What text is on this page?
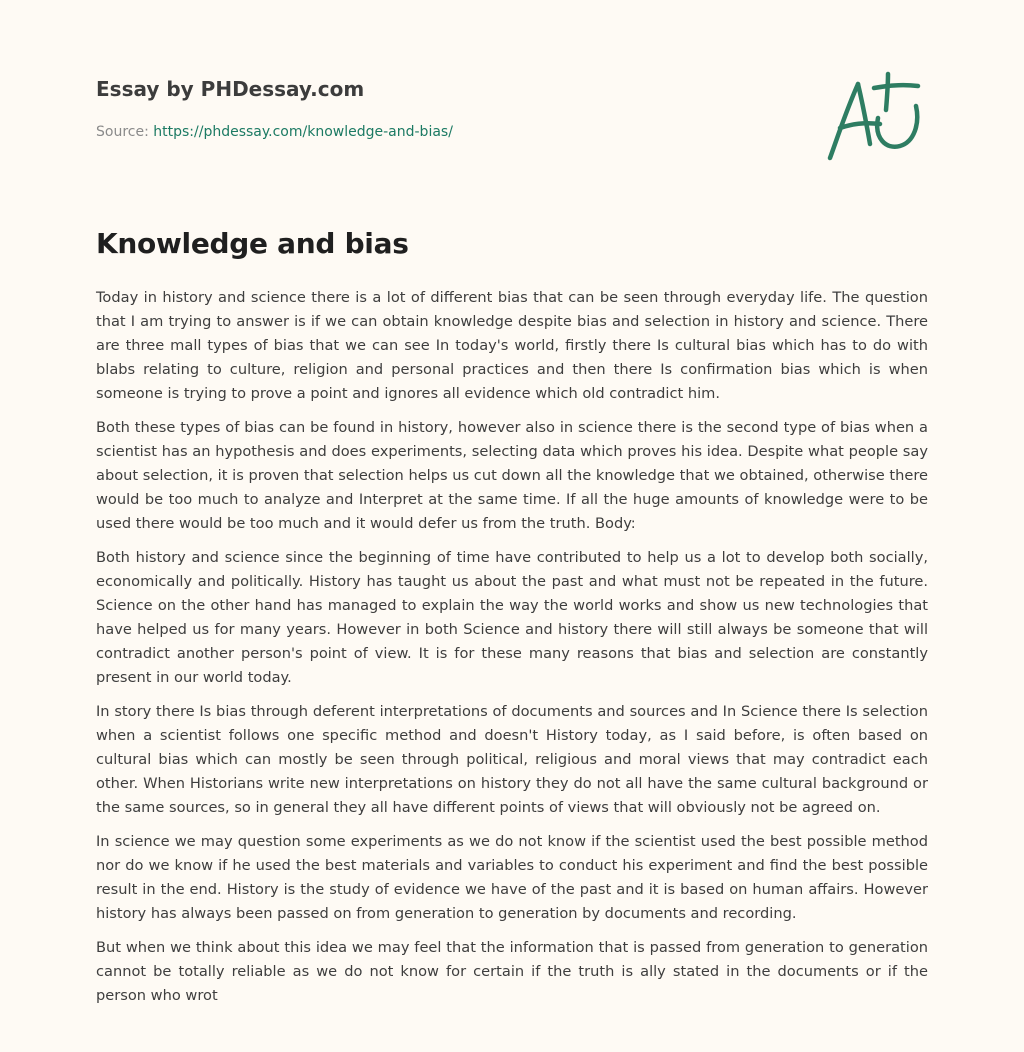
Essay by PHDessay.com
Source: https://phdessay.com/knowledge-and-bias/
Knowledge and bias

Today in history and science there is a lot of different bias that can be seen through everyday life. The question that I am trying to answer is if we can obtain knowledge despite bias and selection in history and science. There are three mall types of bias that we can see In today's world, firstly there Is cultural bias which has to do with blabs relating to culture, religion and personal practices and then there Is confirmation bias which is when someone is trying to prove a point and ignores all evidence which old contradict him.

Both these types of bias can be found in history, however also in science there is the second type of bias when a scientist has an hypothesis and does experiments, selecting data which proves his idea. Despite what people say about selection, it is proven that selection helps us cut down all the knowledge that we obtained, otherwise there would be too much to analyze and Interpret at the same time. If all the huge amounts of knowledge were to be used there would be too much and it would defer us from the truth. Body:

Both history and science since the beginning of time have contributed to help us a lot to develop both socially, economically and politically. History has taught us about the past and what must not be repeated in the future. Science on the other hand has managed to explain the way the world works and show us new technologies that have helped us for many years. However in both Science and history there will still always be someone that will contradict another person's point of view. It is for these many reasons that bias and selection are constantly present in our world today.

In story there Is bias through deferent interpretations of documents and sources and In Science there Is selection when a scientist follows one specific method and doesn't History today, as I said before, is often based on cultural bias which can mostly be seen through political, religious and moral views that may contradict each other. When Historians write new interpretations on history they do not all have the same cultural background or the same sources, so in general they all have different points of views that will obviously not be agreed on.

In science we may question some experiments as we do not know if the scientist used the best possible method nor do we know if he used the best materials and variables to conduct his experiment and find the best possible result in the end. History is the study of evidence we have of the past and it is based on human affairs. However history has always been passed on from generation to generation by documents and recording.

But when we think about this idea we may feel that the information that is passed from generation to generation cannot be totally reliable as we do not know for certain if the truth is ally stated in the documents or if the person who wrot
